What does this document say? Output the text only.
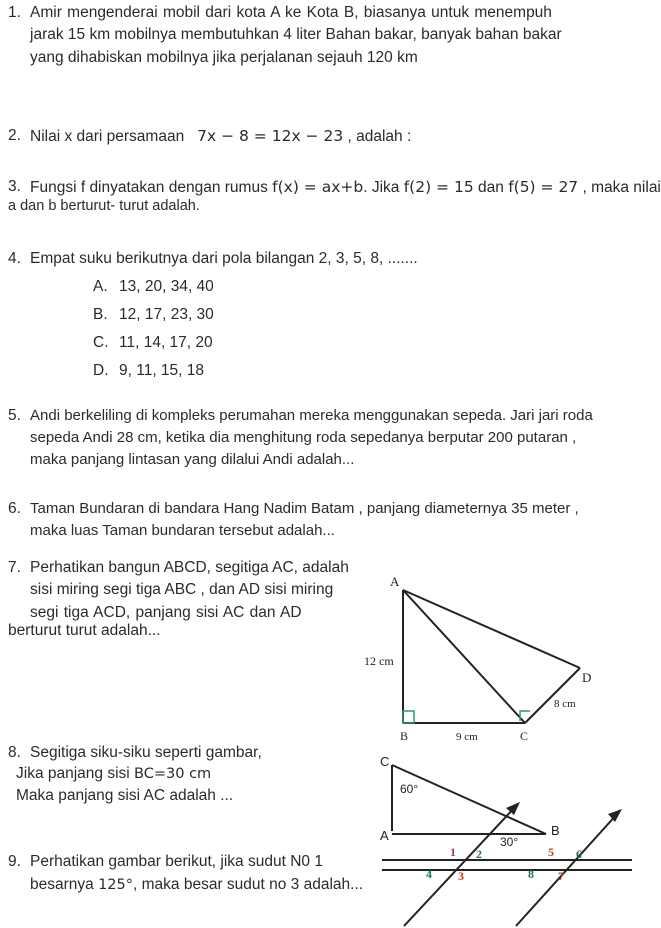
1. Amir mengenderai mobil dari kota A ke Kota B, biasanya untuk menempuh
jarak 15 km mobilnya membutuhkan 4 liter Bahan bakar, banyak bahan bakar
yang dihabiskan mobilnya jika perjalanan sejauh 120 km
2. Nilai x dari persamaan 7x − 8 = 12x − 23 , adalah :
3. Fungsi f dinyatakan dengan rumus f(x) = ax+b. Jika f(2) = 15 dan f(5) = 27 , maka nilai
a dan b berturut- turut adalah.
4. Empat suku berikutnya dari pola bilangan 2, 3, 5, 8, .......
A. 13, 20, 34, 40
B. 12, 17, 23, 30
C. 11, 14, 17, 20
D. 9, 11, 15, 18
5. Andi berkeliling di kompleks perumahan mereka menggunakan sepeda. Jari jari roda
sepeda Andi 28 cm, ketika dia menghitung roda sepedanya berputar 200 putaran ,
maka panjang lintasan yang dilalui Andi adalah...
6. Taman Bundaran di bandara Hang Nadim Batam , panjang diameternya 35 meter ,
maka luas Taman bundaran tersebut adalah...
7. Perhatikan bangun ABCD, segitiga AC, adalah
sisi miring segi tiga ABC , dan AD sisi miring
segi tiga ACD, panjang sisi AC dan AD
berturut turut adalah...
A
B	C
D
12 cm
9 cm
8 cm
8. Segitiga siku-siku seperti gambar,
Jika panjang sisi BC=30 cm
Maka panjang sisi AC adalah ...
9. Perhatikan gambar berikut, jika sudut N0 1
besarnya 125°, maka besar sudut no 3 adalah...
C
A	B
60°
30°
1 2
3
4
5 6
7
8
